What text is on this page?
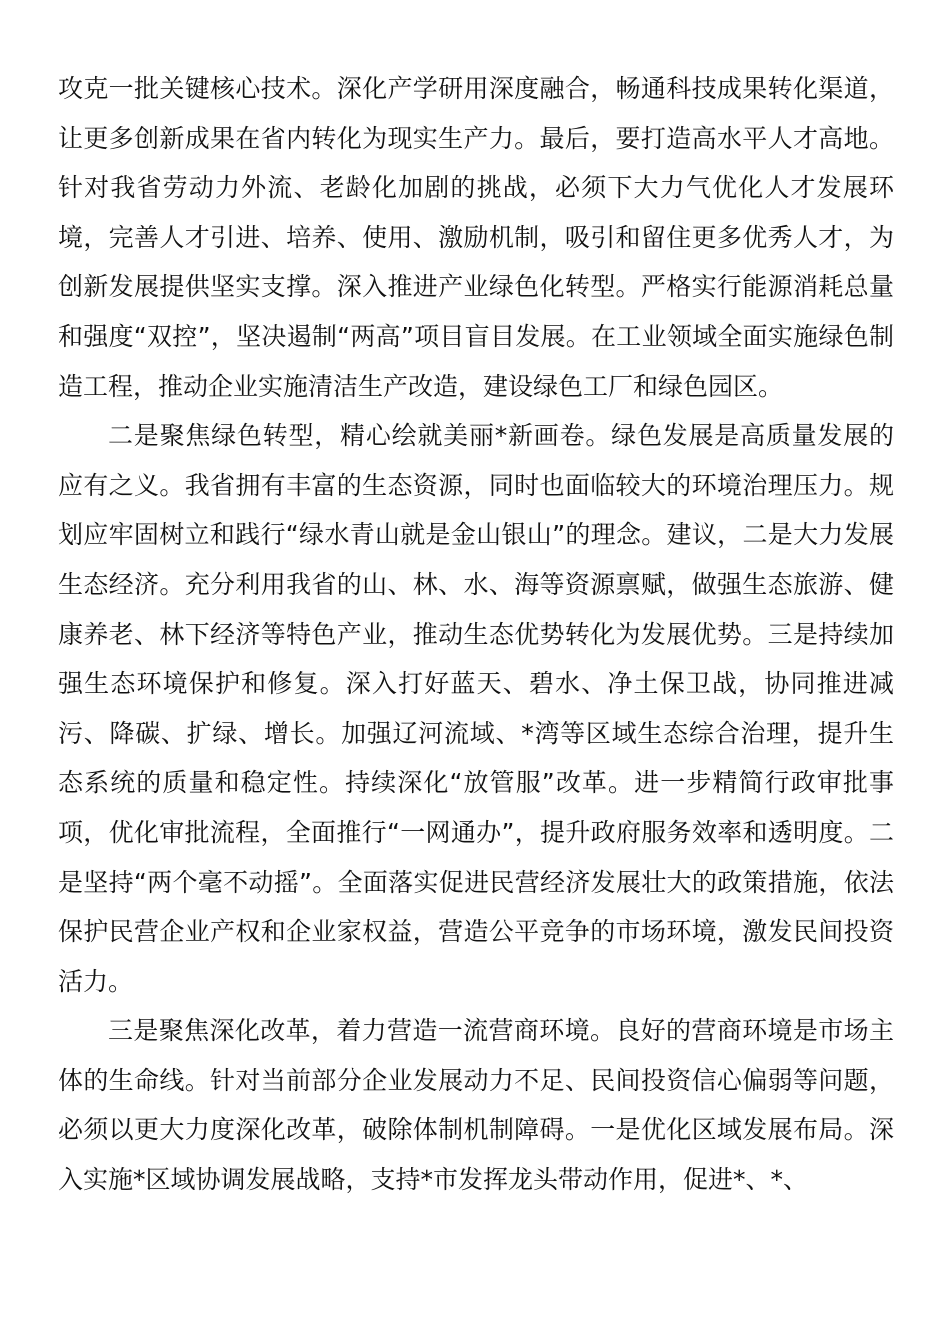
攻克一批关键核心技术。深化产学研用深度融合，畅通科技成果转化渠道，让更多创新成果在省内转化为现实生产力。最后，要打造高水平人才高地。针对我省劳动力外流、老龄化加剧的挑战，必须下大力气优化人才发展环境，完善人才引进、培养、使用、激励机制，吸引和留住更多优秀人才，为创新发展提供坚实支撑。深入推进产业绿色化转型。严格实行能源消耗总量和强度“双控”，坚决遏制“两高”项目盲目发展。在工业领域全面实施绿色制造工程，推动企业实施清洁生产改造，建设绿色工厂和绿色园区。

二是聚焦绿色转型，精心绘就美丽*新画卷。绿色发展是高质量发展的应有之义。我省拥有丰富的生态资源，同时也面临较大的环境治理压力。规划应牢固树立和践行“绿水青山就是金山银山”的理念。建议，二是大力发展生态经济。充分利用我省的山、林、水、海等资源禀赋，做强生态旅游、健康养老、林下经济等特色产业，推动生态优势转化为发展优势。三是持续加强生态环境保护和修复。深入打好蓝天、碧水、净土保卫战，协同推进减污、降碳、扩绿、增长。加强辽河流域、*湾等区域生态综合治理，提升生态系统的质量和稳定性。持续深化“放管服”改革。进一步精简行政审批事项，优化审批流程，全面推行“一网通办”，提升政府服务效率和透明度。二是坚持“两个毫不动摇”。全面落实促进民营经济发展壮大的政策措施，依法保护民营企业产权和企业家权益，营造公平竞争的市场环境，激发民间投资活力。

三是聚焦深化改革，着力营造一流营商环境。良好的营商环境是市场主体的生命线。针对当前部分企业发展动力不足、民间投资信心偏弱等问题，必须以更大力度深化改革，破除体制机制障碍。一是优化区域发展布局。深入实施*区域协调发展战略，支持*市发挥龙头带动作用，促进*、*、
